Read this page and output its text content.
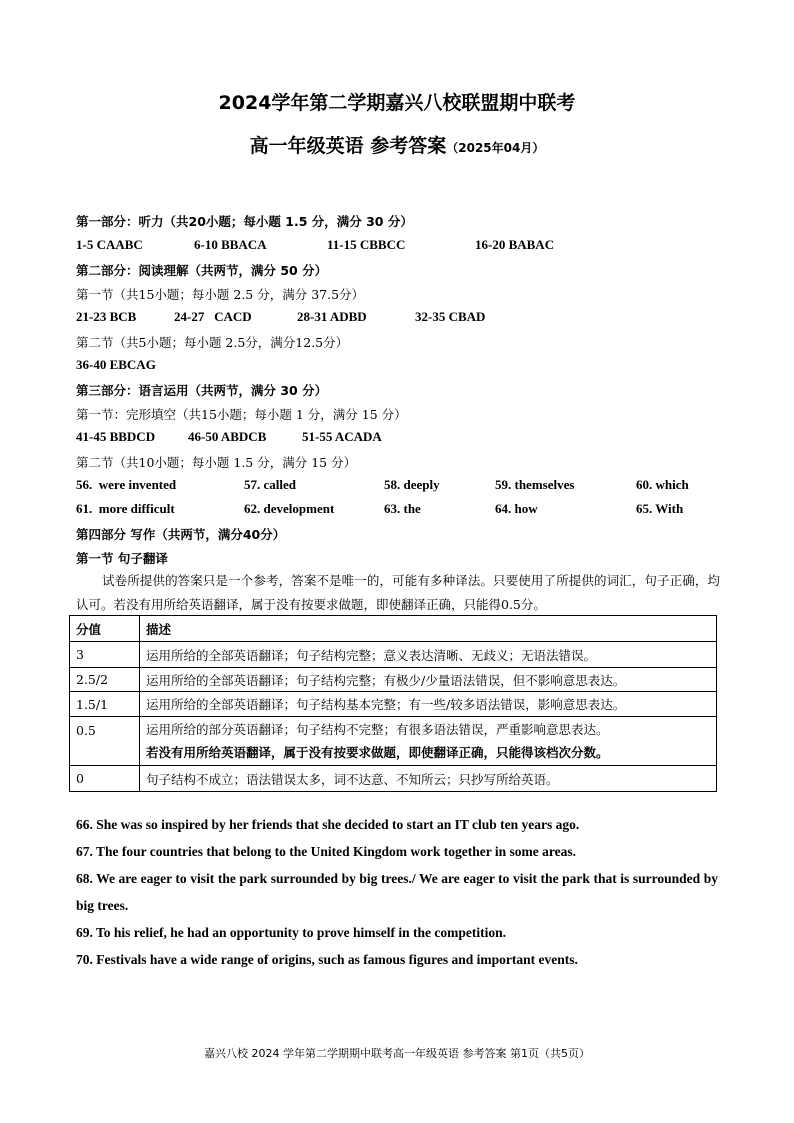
2024学年第二学期嘉兴八校联盟期中联考
高一年级英语 参考答案（2025年04月）
第一部分：听力（共20小题；每小题 1.5 分，满分 30 分）
1-5 CAABC	6-10 BBACA	11-15 CBBCC	16-20 BABAC
第二部分：阅读理解（共两节，满分 50 分）
第一节（共15小题；每小题 2.5 分，满分 37.5分）
21-23 BCB	24-27   CACD	28-31 ADBD	32-35 CBAD
第二节（共5小题；每小题 2.5分，满分12.5分）
36-40 EBCAG
第三部分：语言运用（共两节，满分 30 分）
第一节：完形填空（共15小题；每小题 1 分，满分 15 分）
41-45 BBDCD	46-50 ABDCB	51-55 ACADA
第二节（共10小题；每小题 1.5 分，满分 15 分）
56.  were invented	57. called	58. deeply	59. themselves	60. which
61.  more difficult	62. development	63. the	64. how	65. With
第四部分 写作（共两节，满分40分）
第一节 句子翻译
试卷所提供的答案只是一个参考，答案不是唯一的，可能有多种译法。只要使用了所提供的词汇，句子正确，均认可。若没有用所给英语翻译，属于没有按要求做题，即使翻译正确，只能得0.5分。
分值	描述
3	运用所给的全部英语翻译；句子结构完整；意义表达清晰、无歧义；无语法错误。
2.5/2	运用所给的全部英语翻译；句子结构完整；有极少/少量语法错误，但不影响意思表达。
1.5/1	运用所给的全部英语翻译；句子结构基本完整；有一些/较多语法错误，影响意思表达。
0.5	运用所给的部分英语翻译；句子结构不完整；有很多语法错误，严重影响意思表达。
若没有用所给英语翻译，属于没有按要求做题，即使翻译正确，只能得该档次分数。

0	句子结构不成立；语法错误太多，词不达意、不知所云；只抄写所给英语。
66. She was so inspired by her friends that she decided to start an IT club ten years ago.
67. The four countries that belong to the United Kingdom work together in some areas.
68. We are eager to visit the park surrounded by big trees./ We are eager to visit the park that is surrounded by big trees.
69. To his relief, he had an opportunity to prove himself in the competition.
70. Festivals have a wide range of origins, such as famous figures and important events.
嘉兴八校 2024 学年第二学期期中联考高一年级英语 参考答案 第1页（共5页）
